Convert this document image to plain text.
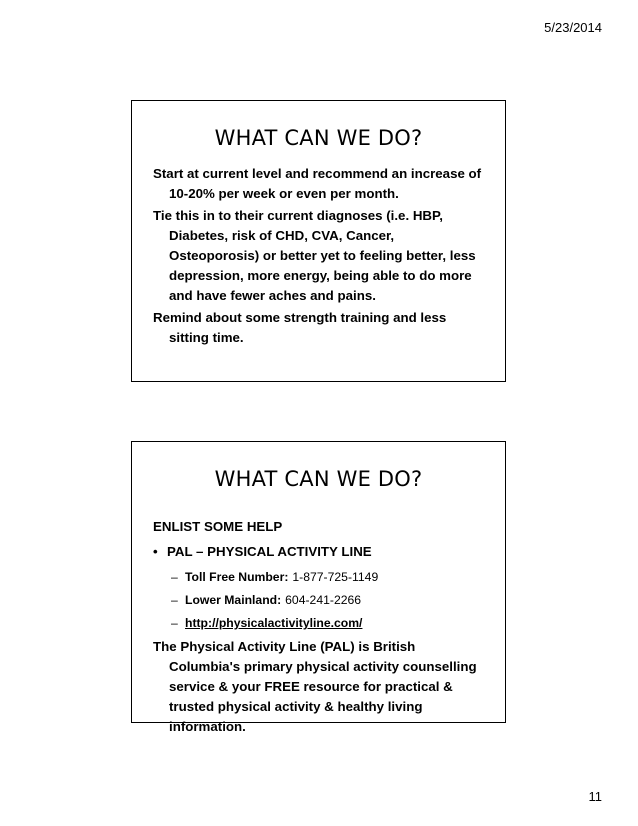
5/23/2014
WHAT CAN WE DO?

Start at current level and recommend an increase of 10-20% per week or even per month.

Tie this in to their current diagnoses (i.e. HBP, Diabetes, risk of CHD, CVA, Cancer, Osteoporosis) or better yet to feeling better, less depression, more energy, being able to do more and have fewer aches and pains.

Remind about some strength training and less sitting time.

WHAT CAN WE DO?
ENLIST SOME HELP
• PAL – PHYSICAL ACTIVITY LINE
– Toll Free Number: 1-877-725-1149
– Lower Mainland: 604-241-2266
– http://physicalactivityline.com/

The Physical Activity Line (PAL) is British Columbia's primary physical activity counselling service & your FREE resource for practical & trusted physical activity & healthy living information.

11
